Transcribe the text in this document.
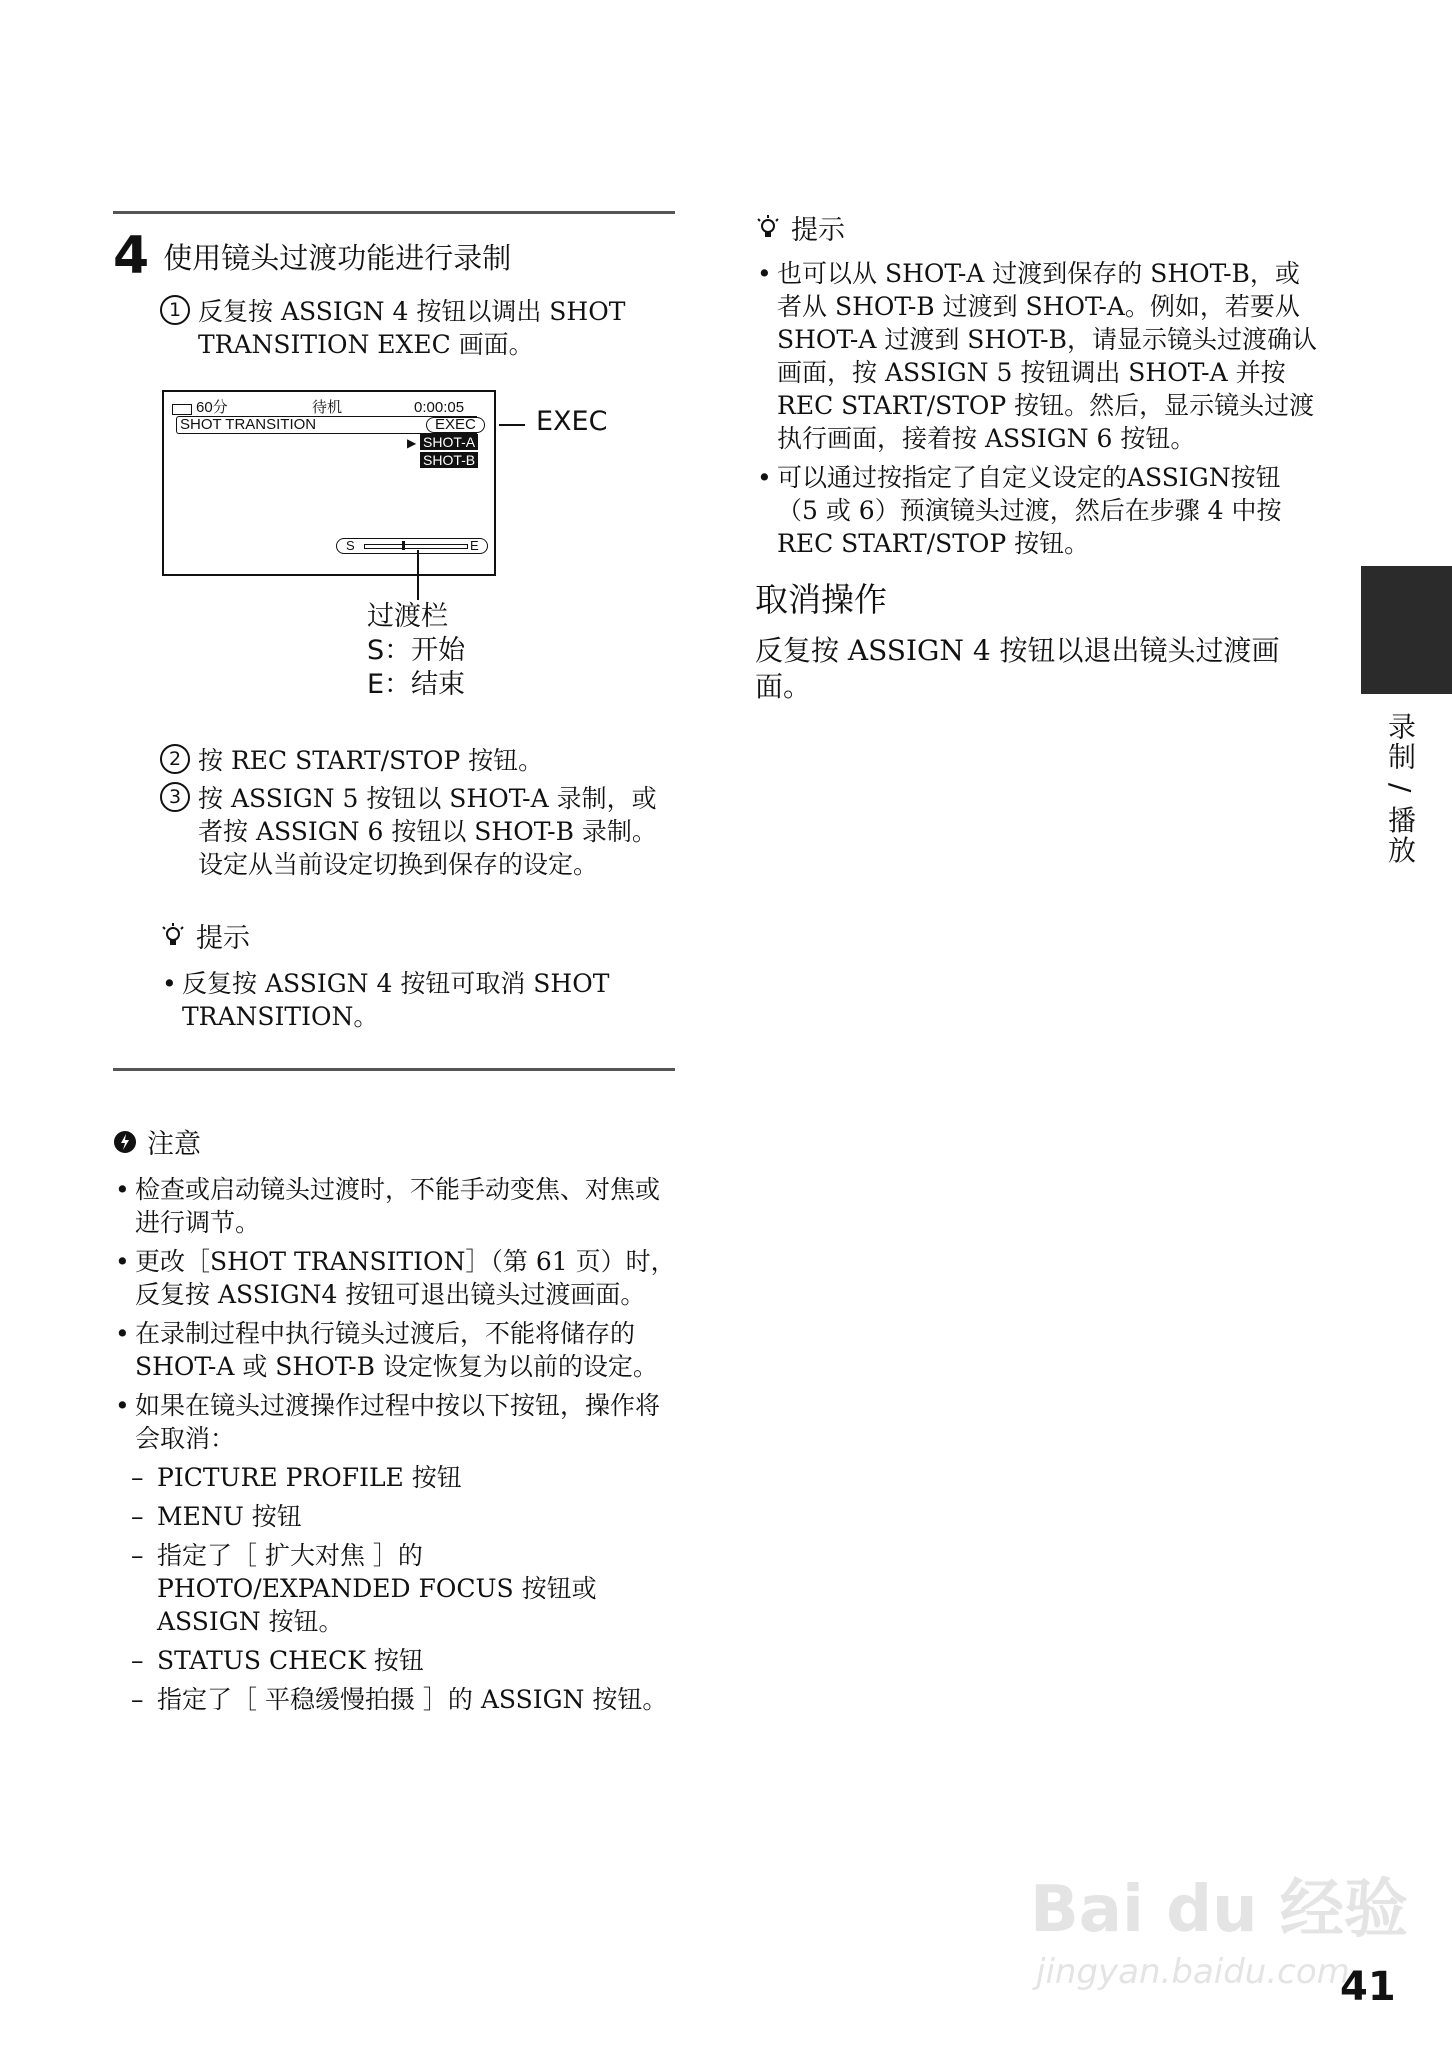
4 使用镜头过渡功能进行录制
1 反复按 ASSIGN 4 按钮以调出 SHOT TRANSITION EXEC 画面。
60分	待机	0:00:05
SHOT TRANSITION	EXEC
▶ SHOT-A
SHOT-B
S	E
EXEC
过渡栏
S：开始
E：结束
2 按 REC START/STOP 按钮。
3 按 ASSIGN 5 按钮以 SHOT-A 录制，或者按 ASSIGN 6 按钮以 SHOT-B 录制。
设定从当前设定切换到保存的设定。
提示
• 反复按 ASSIGN 4 按钮可取消 SHOT TRANSITION。
注意
• 检查或启动镜头过渡时，不能手动变焦、对焦或进行调节。
• 更改［SHOT TRANSITION］（第 61 页）时，反复按 ASSIGN4 按钮可退出镜头过渡画面。
• 在录制过程中执行镜头过渡后，不能将储存的 SHOT-A 或 SHOT-B 设定恢复为以前的设定。
• 如果在镜头过渡操作过程中按以下按钮，操作将会取消：
– PICTURE PROFILE 按钮
– MENU 按钮
– 指定了［ 扩大对焦 ］的 PHOTO/EXPANDED FOCUS 按钮或 ASSIGN 按钮。
– STATUS CHECK 按钮
– 指定了［ 平稳缓慢拍摄 ］的 ASSIGN 按钮。
提示
• 也可以从 SHOT-A 过渡到保存的 SHOT-B，或者从 SHOT-B 过渡到 SHOT-A。例如，若要从 SHOT-A 过渡到 SHOT-B，请显示镜头过渡确认画面，按 ASSIGN 5 按钮调出 SHOT-A 并按 REC START/STOP 按钮。然后，显示镜头过渡执行画面，接着按 ASSIGN 6 按钮。
• 可以通过按指定了自定义设定的ASSIGN按钮（5 或 6）预演镜头过渡，然后在步骤 4 中按 REC START/STOP 按钮。
取消操作
反复按 ASSIGN 4 按钮以退出镜头过渡画面。
录制 / 播放
Bai du 经验
jingyan.baidu.com
41
